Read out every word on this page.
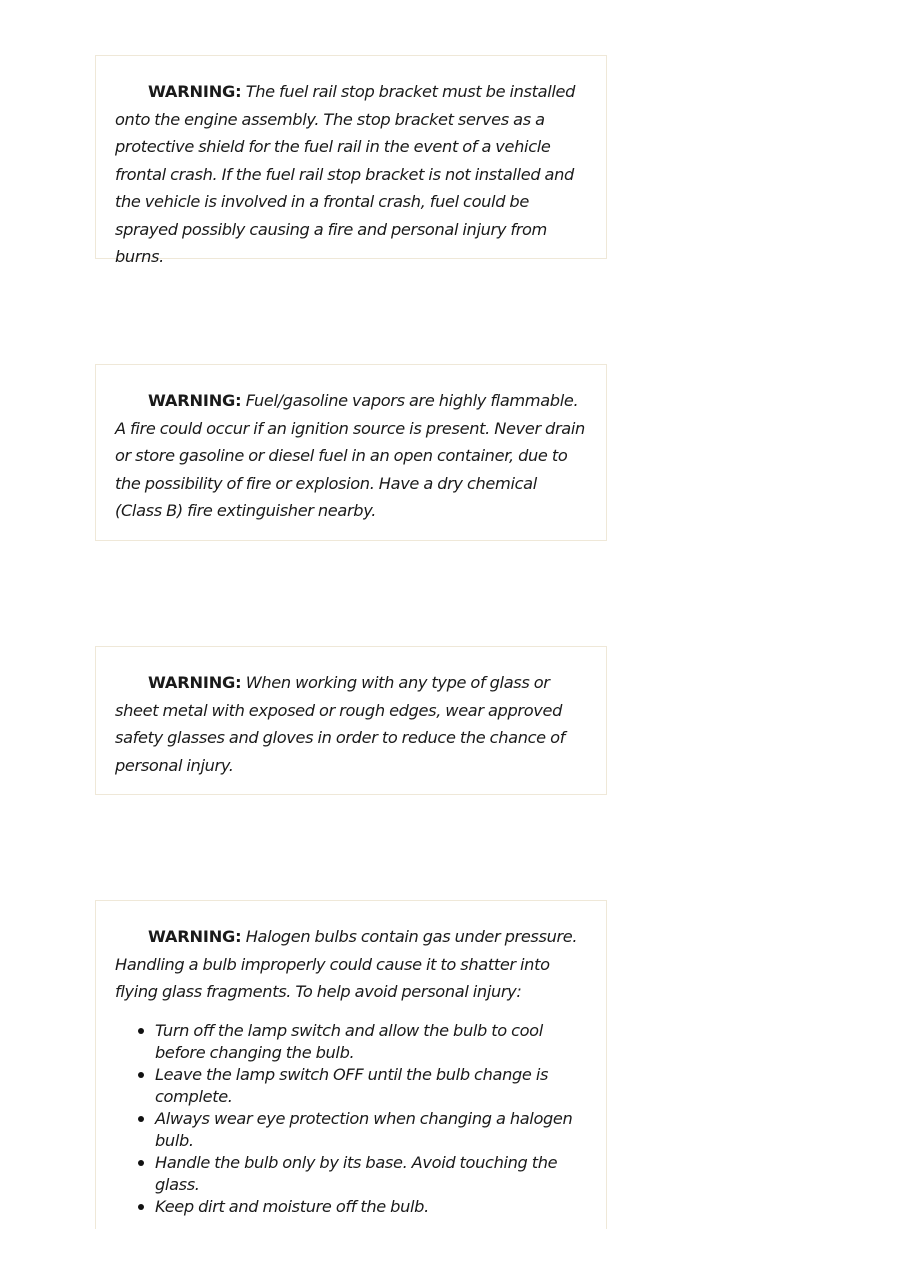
WARNING: The fuel rail stop bracket must be installed onto the engine assembly. The stop bracket serves as a protective shield for the fuel rail in the event of a vehicle frontal crash. If the fuel rail stop bracket is not installed and the vehicle is involved in a frontal crash, fuel could be sprayed possibly causing a fire and personal injury from burns.

WARNING: Fuel/gasoline vapors are highly flammable. A fire could occur if an ignition source is present. Never drain or store gasoline or diesel fuel in an open container, due to the possibility of fire or explosion. Have a dry chemical (Class B) fire extinguisher nearby.

WARNING: When working with any type of glass or sheet metal with exposed or rough edges, wear approved safety glasses and gloves in order to reduce the chance of personal injury.

WARNING: Halogen bulbs contain gas under pressure. Handling a bulb improperly could cause it to shatter into flying glass fragments. To help avoid personal injury:

Turn off the lamp switch and allow the bulb to cool before changing the bulb.
Leave the lamp switch OFF until the bulb change is complete.
Always wear eye protection when changing a halogen bulb.
Handle the bulb only by its base. Avoid touching the glass.
Keep dirt and moisture off the bulb.
